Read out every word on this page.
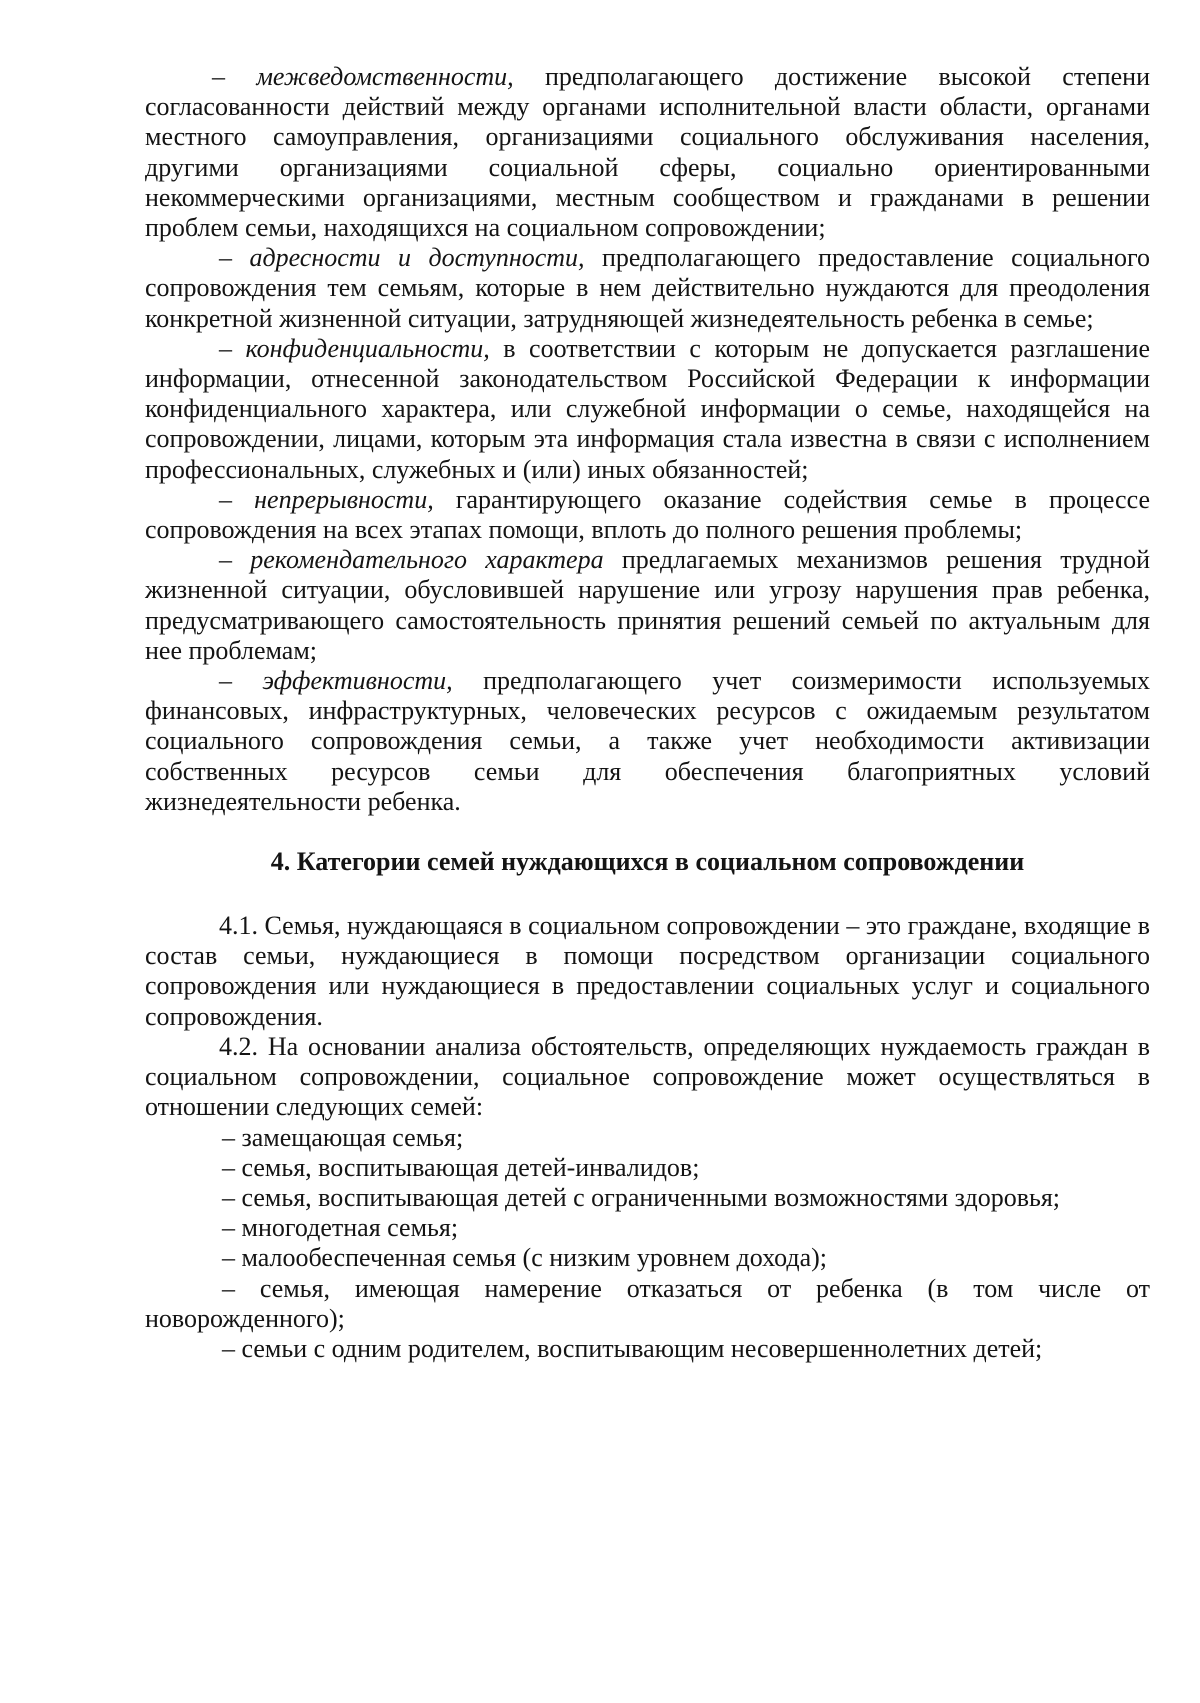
– межведомственности, предполагающего достижение высокой степени согласованности действий между органами исполнительной власти области, органами местного самоуправления, организациями социального обслуживания населения, другими организациями социальной сферы, социально ориентированными некоммерческими организациями, местным сообществом и гражданами в решении проблем семьи, находящихся на социальном сопровождении;

– адресности и доступности, предполагающего предоставление социального сопровождения тем семьям, которые в нем действительно нуждаются для преодоления конкретной жизненной ситуации, затрудняющей жизнедеятельность ребенка в семье;

– конфиденциальности, в соответствии с которым не допускается разглашение информации, отнесенной законодательством Российской Федерации к информации конфиденциального характера, или служебной информации о семье, находящейся на сопровождении, лицами, которым эта информация стала известна в связи с исполнением профессиональных, служебных и (или) иных обязанностей;

– непрерывности, гарантирующего оказание содействия семье в процессе сопровождения на всех этапах помощи, вплоть до полного решения проблемы;

– рекомендательного характера предлагаемых механизмов решения трудной жизненной ситуации, обусловившей нарушение или угрозу нарушения прав ребенка, предусматривающего самостоятельность принятия решений семьей по актуальным для нее проблемам;

– эффективности, предполагающего учет соизмеримости используемых финансовых, инфраструктурных, человеческих ресурсов с ожидаемым результатом социального сопровождения семьи, а также учет необходимости активизации собственных ресурсов семьи для обеспечения благоприятных условий жизнедеятельности ребенка.

4. Категории семей нуждающихся в социальном сопровождении

4.1. Семья, нуждающаяся в социальном сопровождении – это граждане, входящие в состав семьи, нуждающиеся в помощи посредством организации социального сопровождения или нуждающиеся в предоставлении социальных услуг и социального сопровождения.

4.2. На основании анализа обстоятельств, определяющих нуждаемость граждан в социальном сопровождении, социальное сопровождение может осуществляться в отношении следующих семей:

– замещающая семья;

– семья, воспитывающая детей-инвалидов;

– семья, воспитывающая детей с ограниченными возможностями здоровья;

– многодетная семья;

– малообеспеченная семья (с низким уровнем дохода);

– семья, имеющая намерение отказаться от ребенка (в том числе от новорожденного);

– семьи с одним родителем, воспитывающим несовершеннолетних детей;
